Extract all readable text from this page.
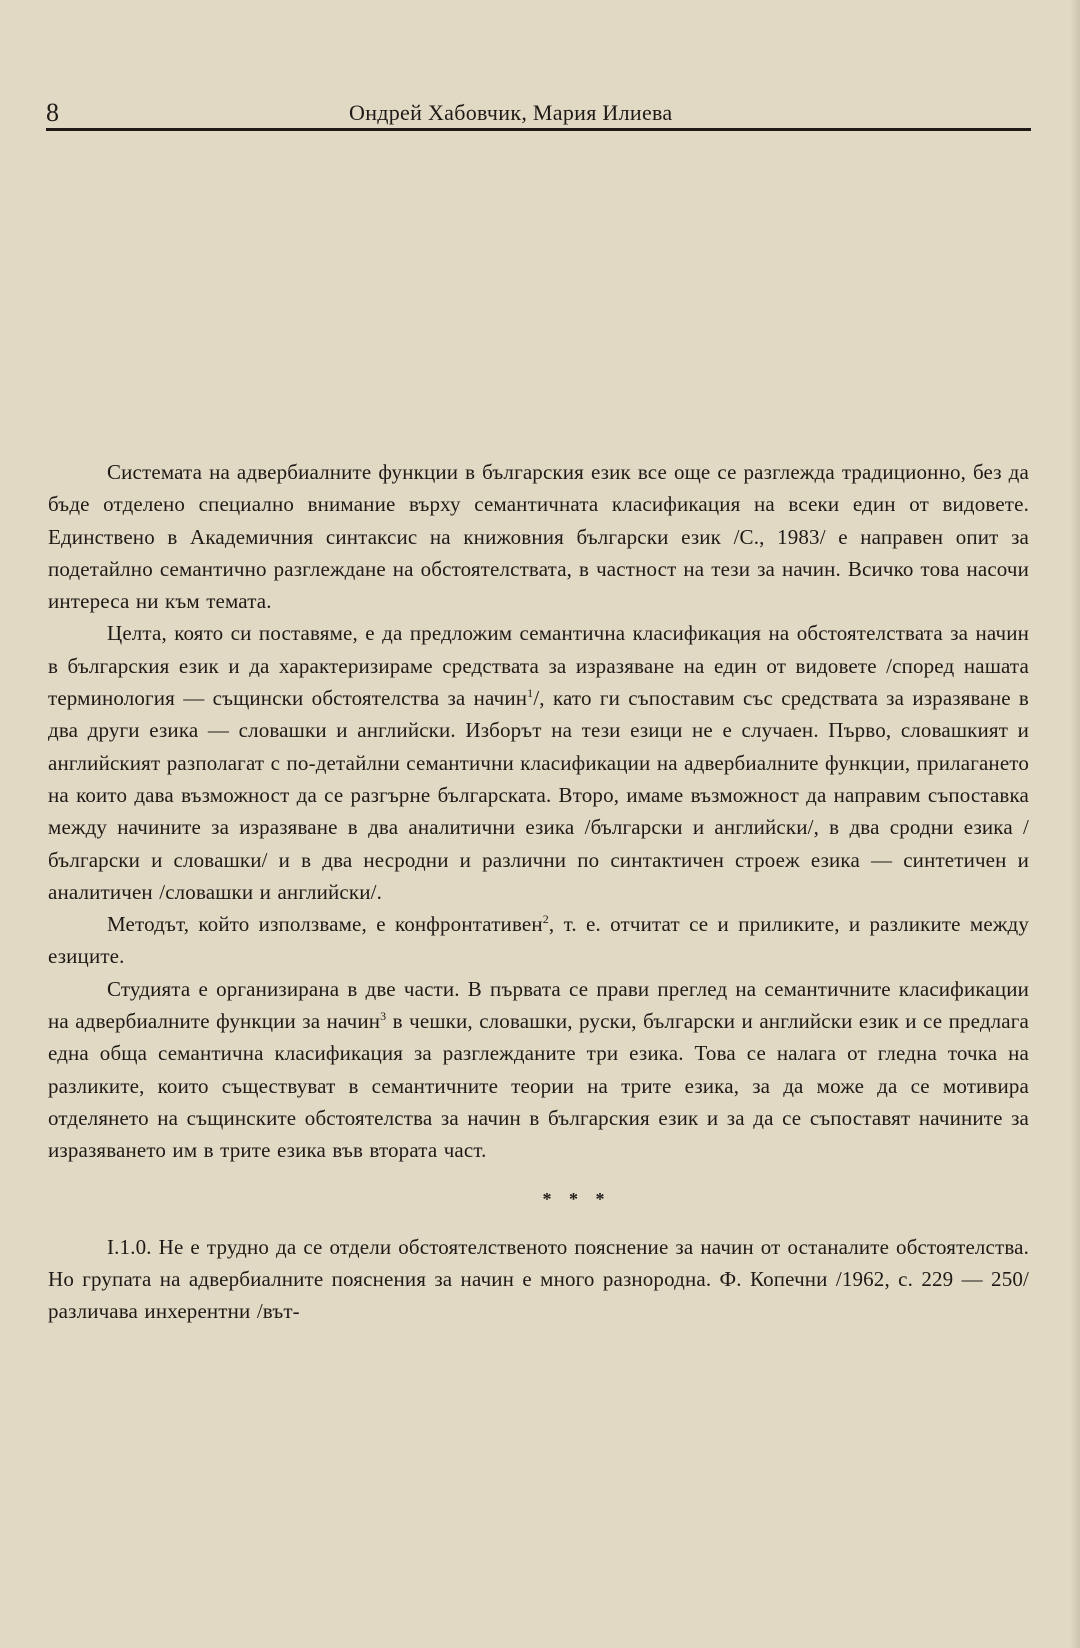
8	Ондрей Хабовчик, Мария Илиева

Системата на адвербиалните функции в българския език все още се разглежда традиционно, без да бъде отделено специално внимание върху семантичната класификация на всеки един от видовете. Единствено в Академичния синтаксис на книжовния български език /С., 1983/ е направен опит за подетайлно семантично разглеждане на обстоятелствата, в частност на тези за начин. Всичко това насочи интереса ни към темата.

Целта, която си поставяме, е да предложим семантична класификация на обстоятелствата за начин в българския език и да характеризираме средствата за изразяване на един от видовете /според нашата терминология — същински обстоятелства за начин$^1$/, като ги съпоставим със средствата за изразяване в два други езика — словашки и английски. Изборът на тези езици не е случаен. Първо, словашкият и английският разполагат с по-детайлни семантични класификации на адвербиалните функции, прилагането на които дава възможност да се разгърне българската. Второ, имаме възможност да направим съпоставка между начините за изразяване в два аналитични езика /български и английски/, в два сродни езика /български и словашки/ и в два несродни и различни по синтактичен строеж езика — синтетичен и аналитичен /словашки и английски/.

Методът, който използваме, е конфронтативен$^2$, т. е. отчитат се и приликите, и разликите между езиците.

Студията е организирана в две части. В първата се прави преглед на семантичните класификации на адвербиалните функции за начин$^3$ в чешки, словашки, руски, български и английски език и се предлага една обща семантична класификация за разглежданите три езика. Това се налага от гледна точка на разликите, които съществуват в семантичните теории на трите езика, за да може да се мотивира отделянето на същинските обстоятелства за начин в българския език и за да се съпоставят начините за изразяването им в трите езика във втората част.

* * *

I.1.0. Не е трудно да се отдели обстоятелственото пояснение за начин от останалите обстоятелства. Но групата на адвербиалните пояснения за начин е много разнородна. Ф. Копечни /1962, с. 229 — 250/ различава инхерентни /вът-
